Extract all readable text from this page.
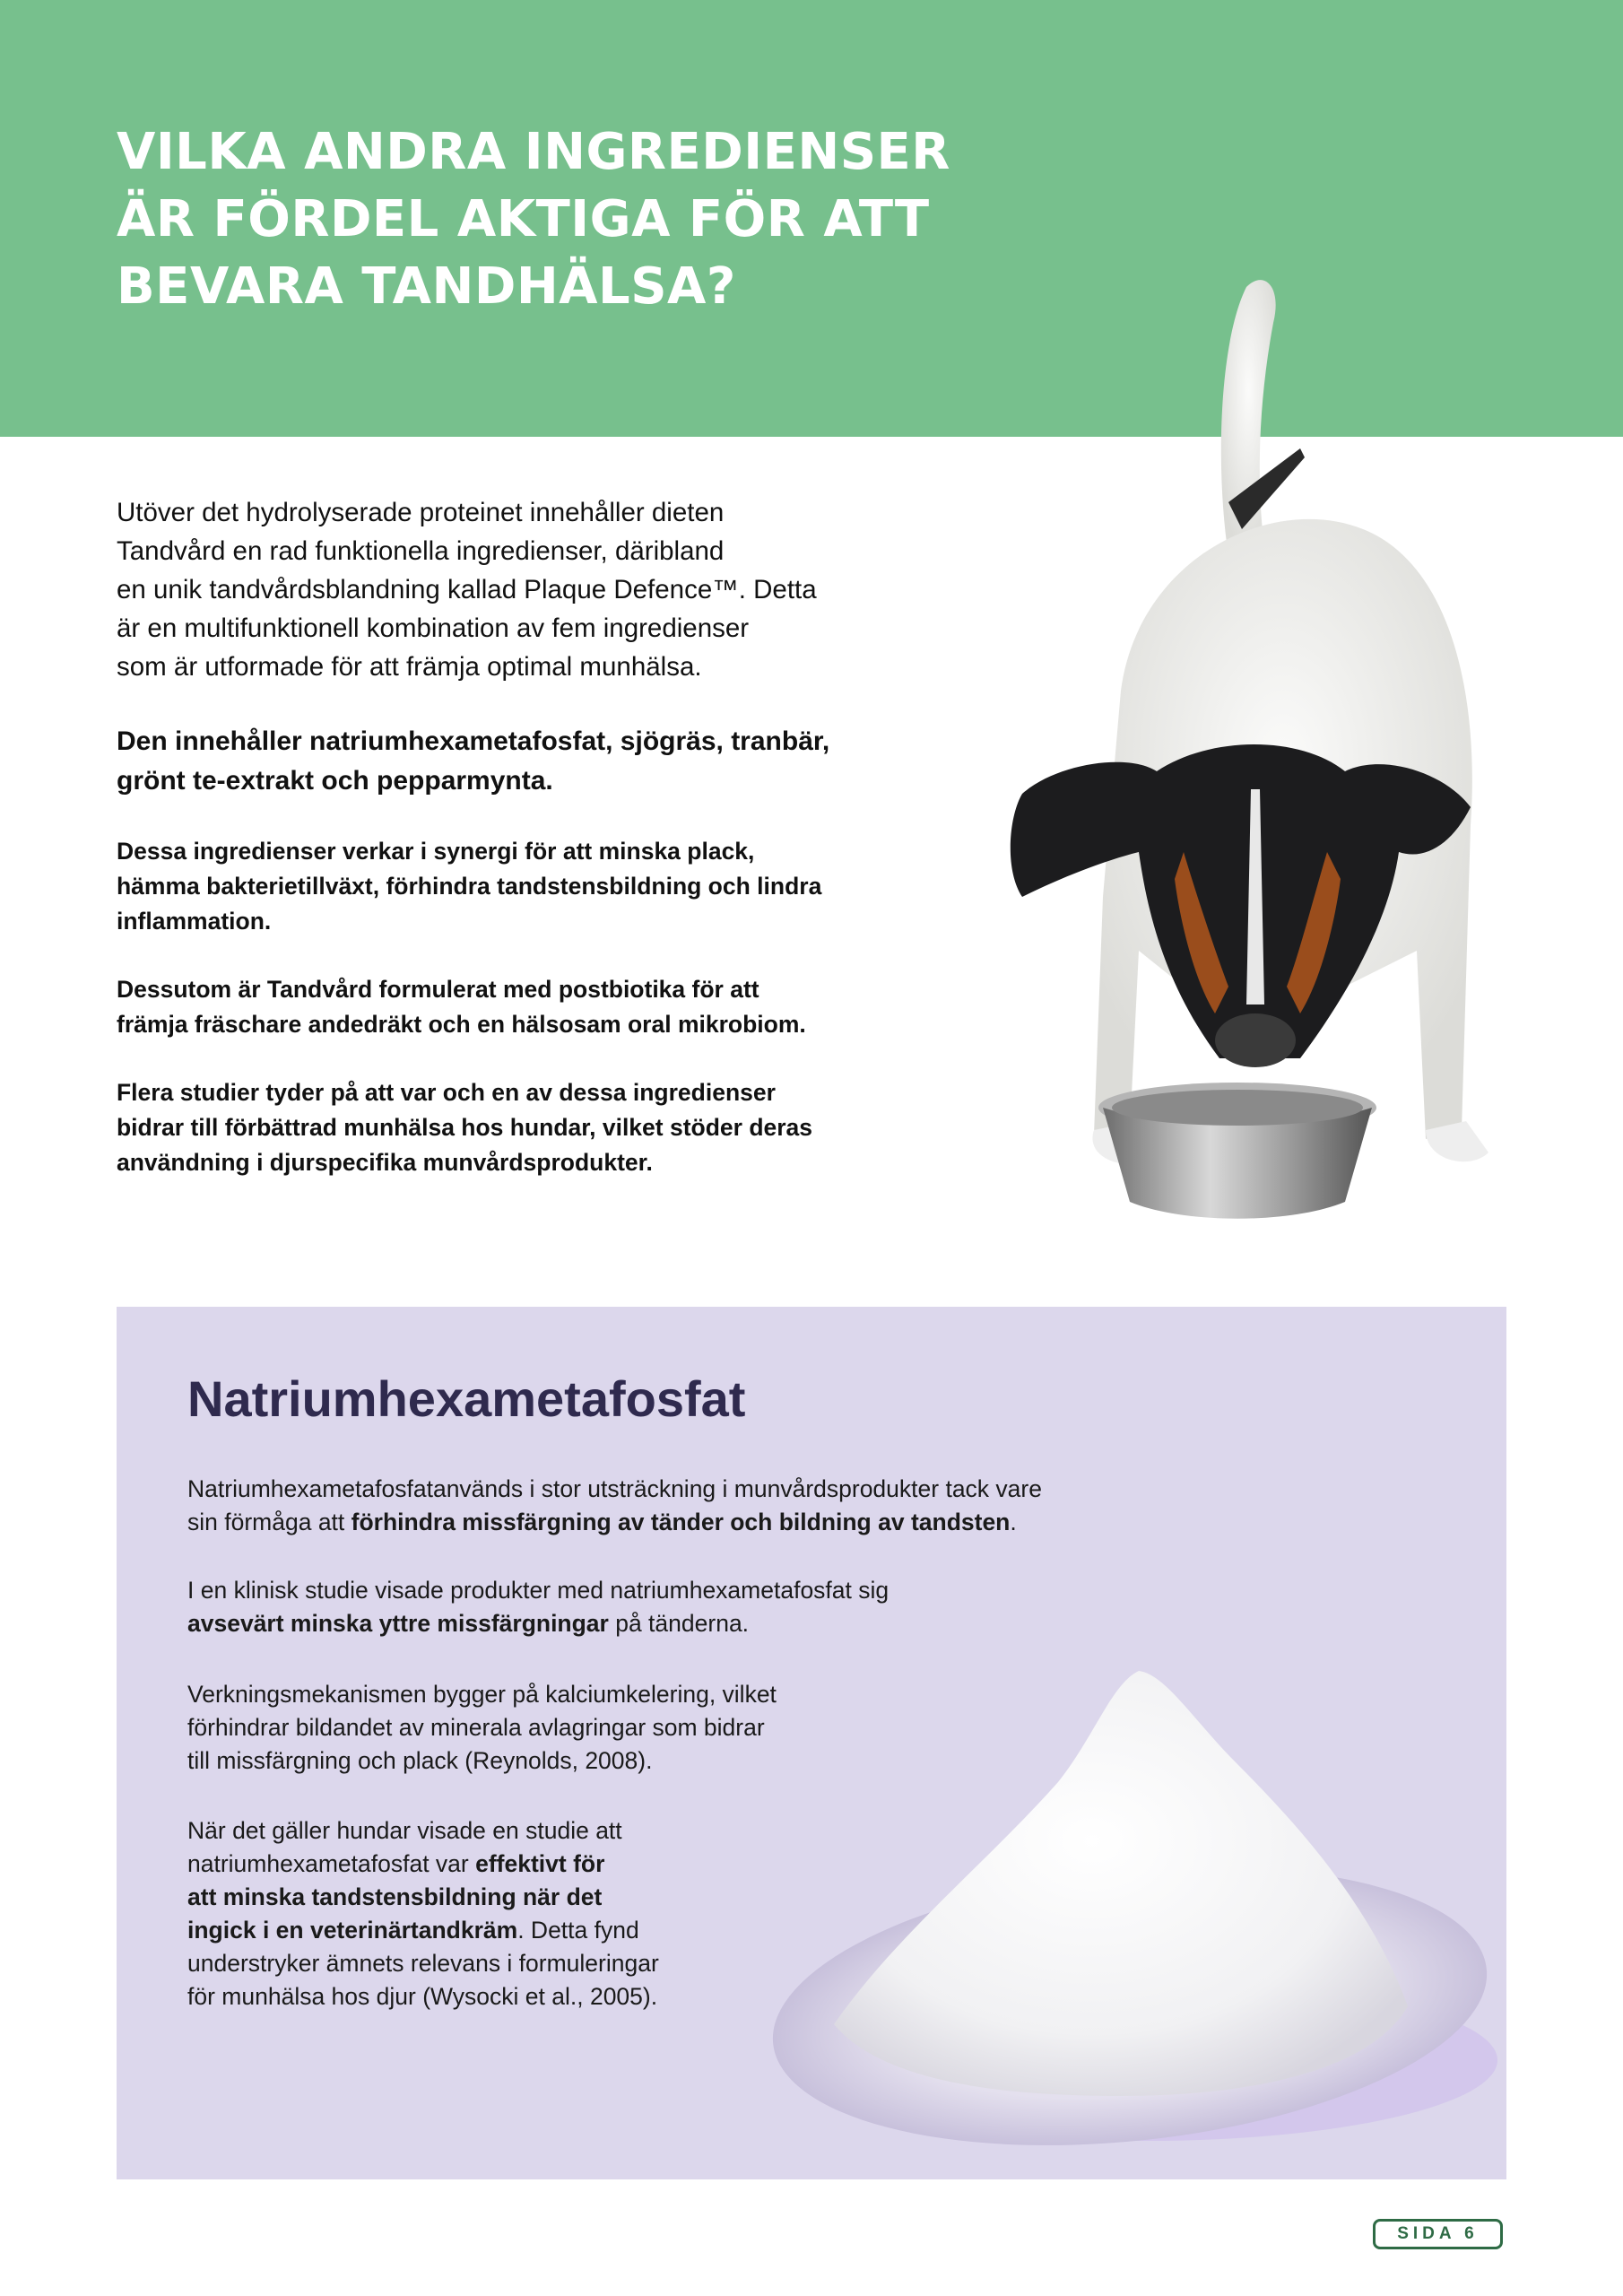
VILKA ANDRA INGREDIENSER
ÄR FÖRDEL AKTIGA FÖR ATT
BEVARA TANDHÄLSA?

Utöver det hydrolyserade proteinet innehåller dieten
Tandvård en rad funktionella ingredienser, däribland
en unik tandvårdsblandning kallad Plaque Defence™. Detta
är en multifunktionell kombination av fem ingredienser
som är utformade för att främja optimal munhälsa.

Den innehåller natriumhexametafosfat, sjögräs, tranbär,
grönt te-extrakt och pepparmynta.

Dessa ingredienser verkar i synergi för att minska plack,
hämma bakterietillväxt, förhindra tandstensbildning och lindra
inflammation.

Dessutom är Tandvård formulerat med postbiotika för att
främja fräschare andedräkt och en hälsosam oral mikrobiom.

Flera studier tyder på att var och en av dessa ingredienser
bidrar till förbättrad munhälsa hos hundar, vilket stöder deras
användning i djurspecifika munvårdsprodukter.

Natriumhexametafosfat

Natriumhexametafosfatanvänds i stor utsträckning i munvårdsprodukter tack vare
sin förmåga att förhindra missfärgning av tänder och bildning av tandsten.

I en klinisk studie visade produkter med natriumhexametafosfat sig
avsevärt minska yttre missfärgningar på tänderna.

Verkningsmekanismen bygger på kalciumkelering, vilket
förhindrar bildandet av minerala avlagringar som bidrar
till missfärgning och plack (Reynolds, 2008).

När det gäller hundar visade en studie att
natriumhexametafosfat var effektivt för
att minska tandstensbildning när det
ingick i en veterinärtandkräm. Detta fynd
understryker ämnets relevans i formuleringar
för munhälsa hos djur (Wysocki et al., 2005).

SIDA 6
